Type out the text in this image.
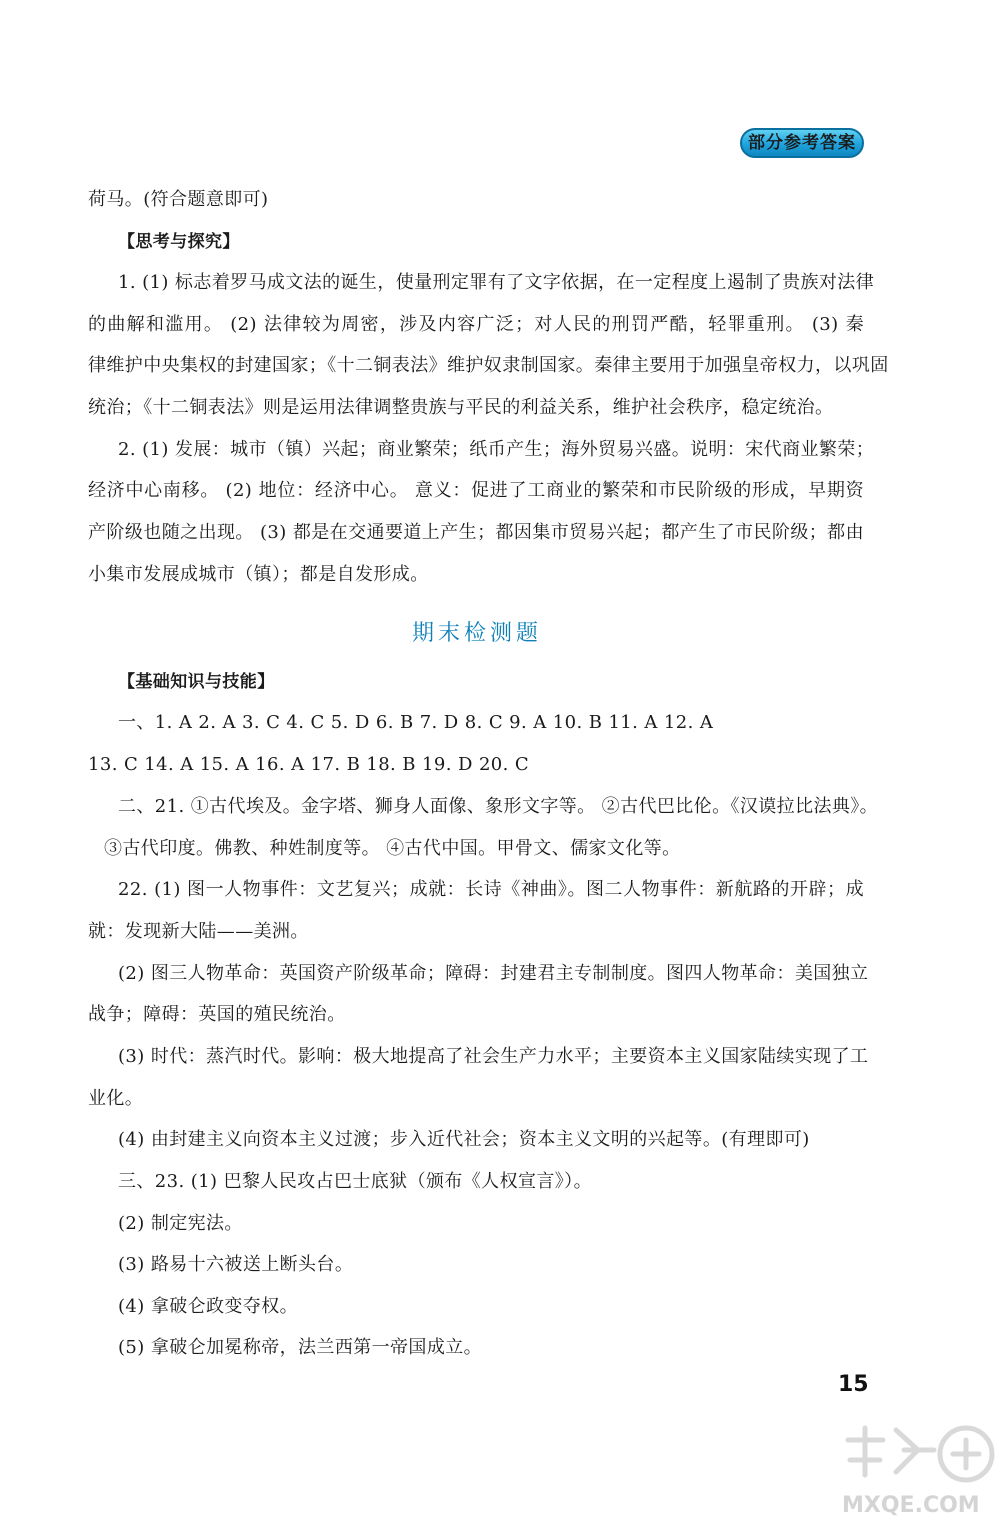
部分参考答案
荷马。(符合题意即可)
【思考与探究】
1. (1) 标志着罗马成文法的诞生，使量刑定罪有了文字依据，在一定程度上遏制了贵族对法律
的曲解和滥用。 (2) 法律较为周密，涉及内容广泛；对人民的刑罚严酷，轻罪重刑。 (3) 秦
律维护中央集权的封建国家；《十二铜表法》维护奴隶制国家。秦律主要用于加强皇帝权力，以巩固
统治；《十二铜表法》则是运用法律调整贵族与平民的利益关系，维护社会秩序，稳定统治。
2. (1) 发展：城市（镇）兴起；商业繁荣；纸币产生；海外贸易兴盛。说明：宋代商业繁荣；
经济中心南移。 (2) 地位：经济中心。 意义：促进了工商业的繁荣和市民阶级的形成，早期资
产阶级也随之出现。 (3) 都是在交通要道上产生；都因集市贸易兴起；都产生了市民阶级；都由
小集市发展成城市（镇）；都是自发形成。
期末检测题
【基础知识与技能】
一、1. A 2. A 3. C 4. C 5. D 6. B 7. D 8. C 9. A 10. B 11. A 12. A
13. C 14. A 15. A 16. A 17. B 18. B 19. D 20. C
二、21. ①古代埃及。金字塔、狮身人面像、象形文字等。 ②古代巴比伦。《汉谟拉比法典》。
③古代印度。佛教、种姓制度等。 ④古代中国。甲骨文、儒家文化等。
22. (1) 图一人物事件：文艺复兴；成就：长诗《神曲》。图二人物事件：新航路的开辟；成
就：发现新大陆——美洲。
(2) 图三人物革命：英国资产阶级革命；障碍：封建君主专制制度。图四人物革命：美国独立
战争；障碍：英国的殖民统治。
(3) 时代：蒸汽时代。影响：极大地提高了社会生产力水平；主要资本主义国家陆续实现了工
业化。
(4) 由封建主义向资本主义过渡；步入近代社会；资本主义文明的兴起等。(有理即可)
三、23. (1) 巴黎人民攻占巴士底狱（颁布《人权宣言》）。
(2) 制定宪法。
(3) 路易十六被送上断头台。
(4) 拿破仑政变夺权。
(5) 拿破仑加冕称帝，法兰西第一帝国成立。
15
MXQE.COM
